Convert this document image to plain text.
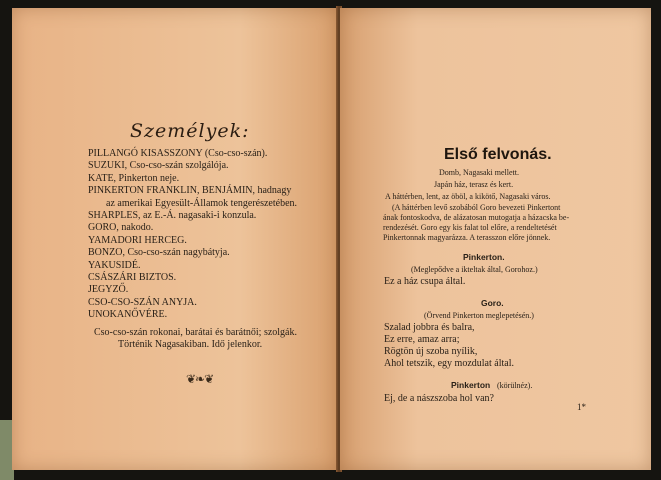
Személyek:
PILLANGÓ KISASSZONY (Cso-cso-szán).
SUZUKI, Cso-cso-szán szolgálója.
KATE, Pinkerton neje.
PINKERTON FRANKLIN, BENJÁMIN, hadnagy
az amerikai Egyesült-Államok tengerészetében.
SHARPLES, az E.-Á. nagasaki-i konzula.
GORO, nakodo.
YAMADORI HERCEG.
BONZO, Cso-cso-szán nagybátyja.
YAKUSIDÉ.
CSÁSZÁRI BIZTOS.
JEGYZŐ.
CSO-CSO-SZÁN ANYJA.
UNOKANŐVÉRE.
Cso-cso-szán rokonai, barátai és barátnői; szolgák.
Történik Nagasakiban. Idő jelenkor.
❦❧❦
Első felvonás.
Domb, Nagasaki mellett.
Japán ház, terasz és kert.
A háttérben, lent, az öböl, a kikötő, Nagasaki város.
(A háttérben levő szobából Goro bevezeti Pinkertont
ának fontoskodva, de alázatosan mutogatja a házacska be-
rendezését. Goro egy kis falat tol előre, a rendeltetését
Pinkertonnak magyarázza. A terasszon előre jönnek.
Pinkerton.
(Meglepődve a ikteltak által, Gorohoz.)
Ez a ház csupa által.
Goro.
(Örvend Pinkerton meglepetésén.)
Szalad jobbra és balra,
Ez erre, amaz arra;
Rögtön új szoba nyílik,
Ahol tetszik, egy mozdulat által.
Pinkerton (körülnéz).
Ej, de a nászszoba hol van?
1*
